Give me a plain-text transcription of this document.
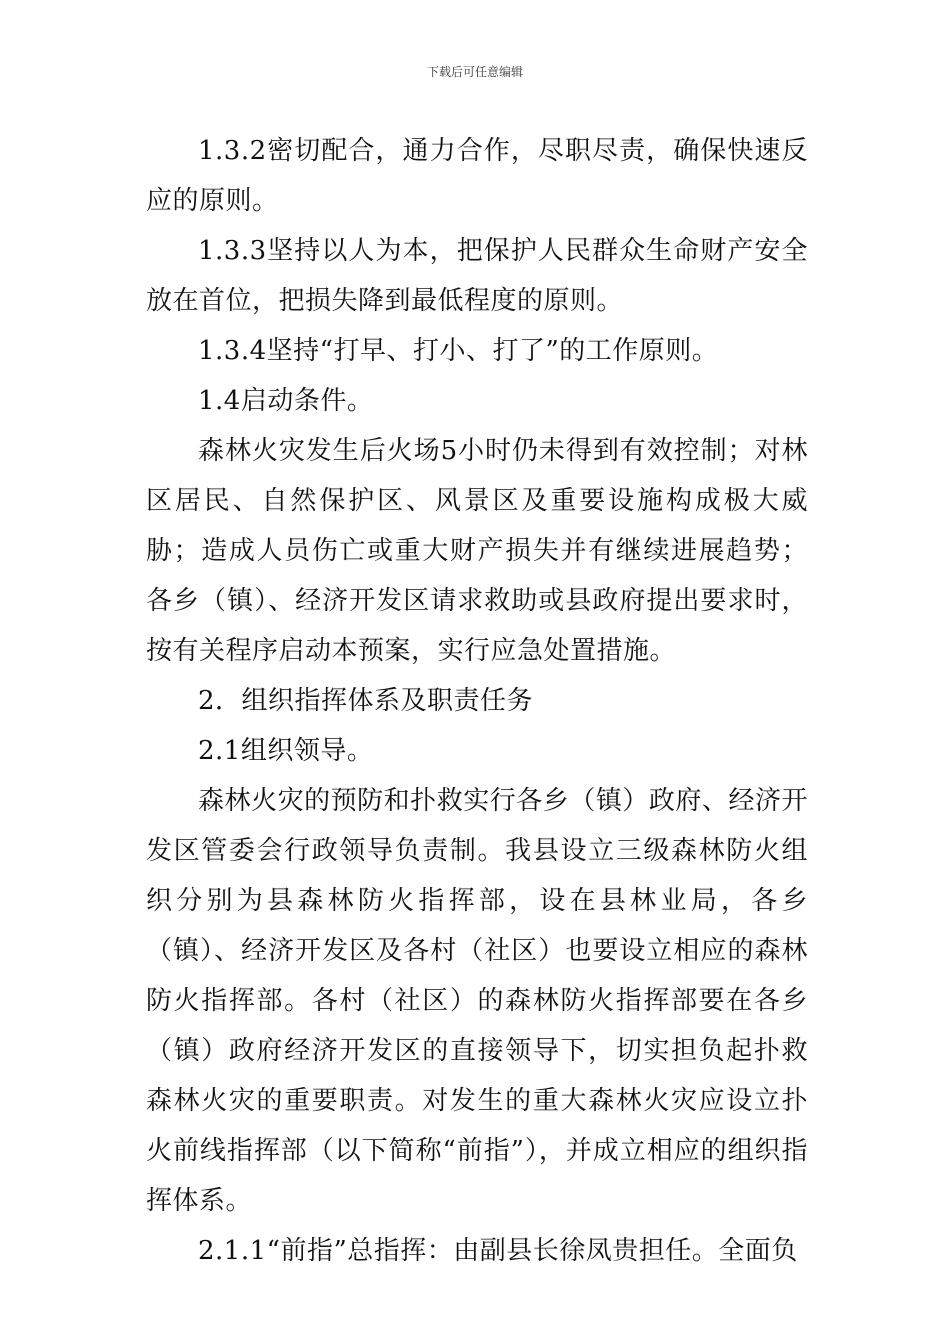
下载后可任意编辑

1.3.2密切配合，通力合作，尽职尽责，确保快速反应的原则。

1.3.3坚持以人为本，把保护人民群众生命财产安全放在首位，把损失降到最低程度的原则。

1.3.4坚持“打早、打小、打了”的工作原则。

1.4启动条件。

森林火灾发生后火场5小时仍未得到有效控制；对林区居民、自然保护区、风景区及重要设施构成极大威胁；造成人员伤亡或重大财产损失并有继续进展趋势；各乡（镇）、经济开发区请求救助或县政府提出要求时，按有关程序启动本预案，实行应急处置措施。

2．组织指挥体系及职责任务

2.1组织领导。

森林火灾的预防和扑救实行各乡（镇）政府、经济开发区管委会行政领导负责制。我县设立三级森林防火组织分别为县森林防火指挥部，设在县林业局，各乡（镇）、经济开发区及各村（社区）也要设立相应的森林防火指挥部。各村（社区）的森林防火指挥部要在各乡（镇）政府经济开发区的直接领导下，切实担负起扑救森林火灾的重要职责。对发生的重大森林火灾应设立扑火前线指挥部（以下简称“前指”），并成立相应的组织指挥体系。

2.1.1“前指”总指挥：由副县长徐凤贵担任。全面负
